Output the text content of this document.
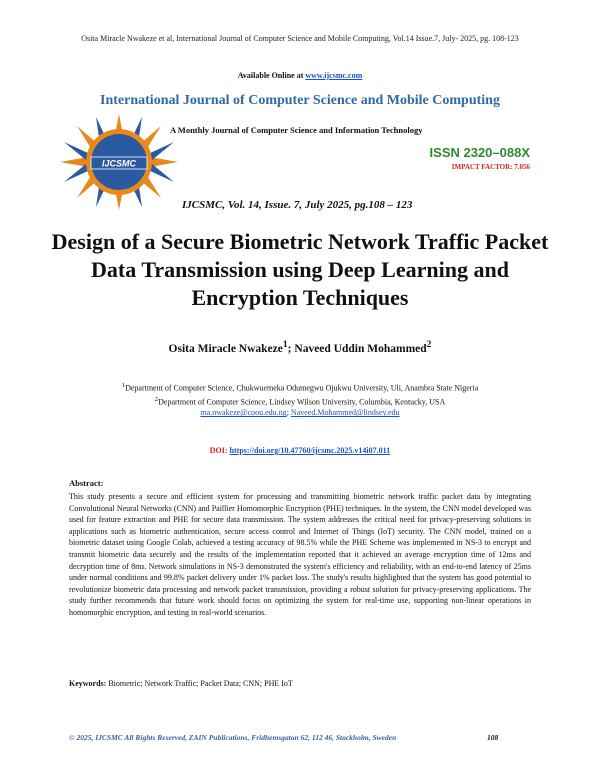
Osita Miracle Nwakeze et al, International Journal of Computer Science and Mobile Computing, Vol.14 Issue.7, July- 2025, pg. 108-123
Available Online at www.ijcsmc.com
International Journal of Computer Science and Mobile Computing
IJCSMC
A Monthly Journal of Computer Science and Information Technology
ISSN 2320–088X
IMPACT FACTOR: 7.056
IJCSMC, Vol. 14, Issue. 7, July 2025, pg.108 – 123
Design of a Secure Biometric Network Traffic Packet Data Transmission using Deep Learning and Encryption Techniques
Osita Miracle Nwakeze$^1$; Naveed Uddin Mohammed$^2$
$^1$Department of Computer Science, Chukwuemeka Odumegwu Ojukwu University, Uli, Anambra State Nigeria
$^2$Department of Computer Science, Lindsey Wilson University, Columbia, Kentucky, USA
ma.nwakeze@coou.edu.ng; Naveed.Mohammed@lindsey.edu
DOI: https://doi.org/10.47760/ijcsmc.2025.v14i07.011
Abstract:
This study presents a secure and efficient system for processing and transmitting biometric network traffic packet data by integrating Convolutional Neural Networks (CNN) and Paillier Homomorphic Encryption (PHE) techniques. In the system, the CNN model developed was used for feature extraction and PHE for secure data transmission. The system addresses the critical need for privacy-preserving solutions in applications such as biometric authentication, secure access control and Internet of Things (IoT) security. The CNN model, trained on a biometric dataset using Google Colab, achieved a testing accuracy of 98.5% while the PHE Scheme was implemented in NS-3 to encrypt and transmit biometric data securely and the results of the implementation reported that it achieved an average encryption time of 12ms and decryption time of 8ms. Network simulations in NS-3 demonstrated the system's efficiency and reliability, with an end-to-end latency of 25ms under normal conditions and 99.8% packet delivery under 1% packet loss. The study's results highlighted that the system has good potential to revolutionize biometric data processing and network packet transmission, providing a robust solution for privacy-preserving applications. The study further recommends that future work should focus on optimizing the system for real-time use, supporting non-linear operations in homomorphic encryption, and testing in real-world scenarios.
Keywords: Biometric; Network Traffic; Packet Data; CNN; PHE IoT
© 2025, IJCSMC All Rights Reserved, ZAIN Publications, Fridhemsgatan 62, 112 46, Stockholm, Sweden	108
